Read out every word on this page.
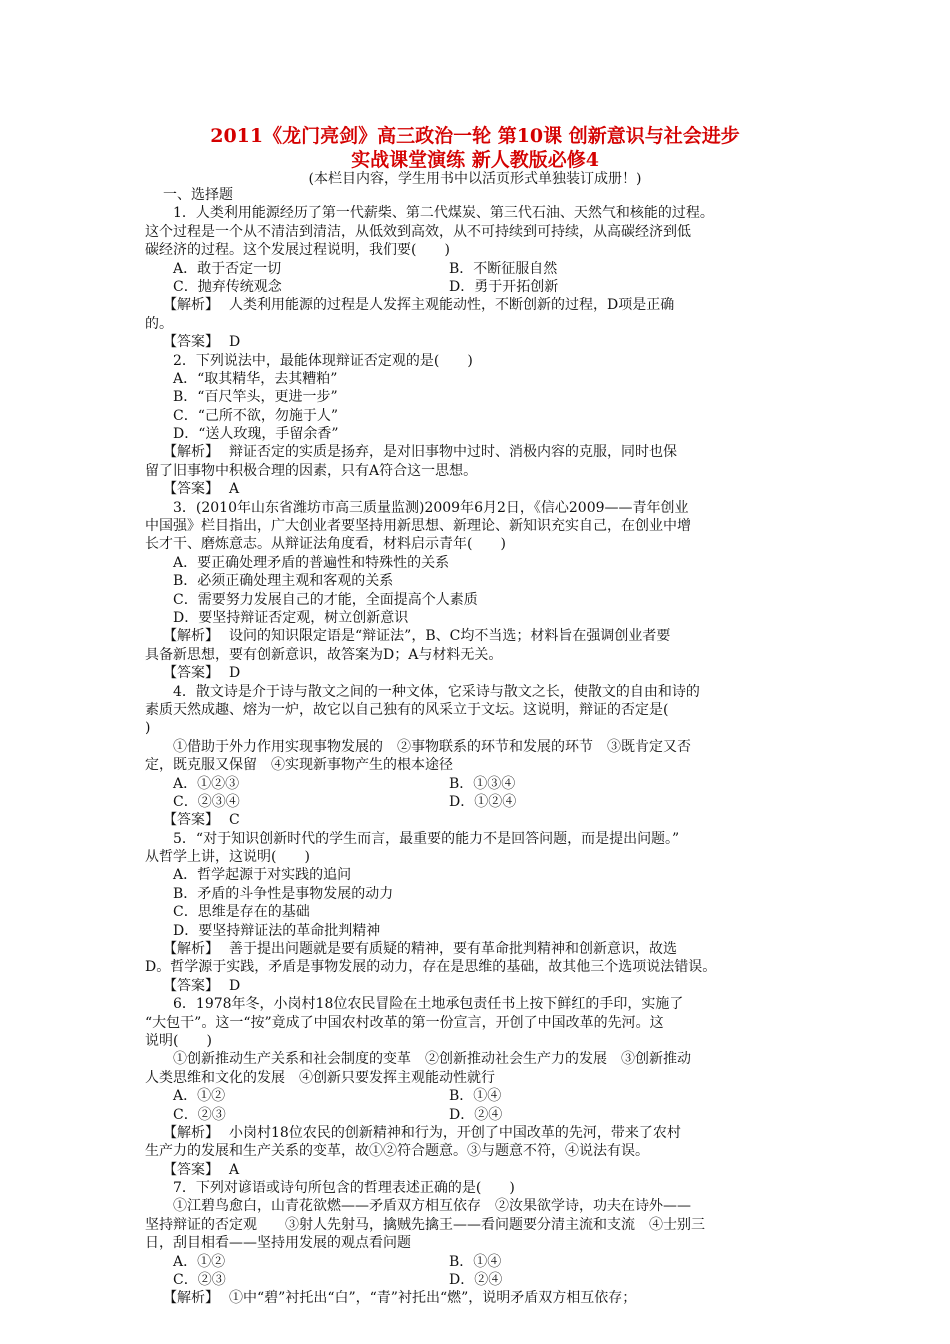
2011《龙门亮剑》高三政治一轮 第10课 创新意识与社会进步
实战课堂演练 新人教版必修4
(本栏目内容，学生用书中以活页形式单独装订成册！)
一、选择题
1．人类利用能源经历了第一代薪柴、第二代煤炭、第三代石油、天然气和核能的过程。
这个过程是一个从不清洁到清洁，从低效到高效，从不可持续到可持续，从高碳经济到低
碳经济的过程。这个发展过程说明，我们要(　　)
A．敢于否定一切	B．不断征服自然
C．抛弃传统观念	D．勇于开拓创新
【解析】 人类利用能源的过程是人发挥主观能动性，不断创新的过程，D项是正确
的。
【答案】 D
2．下列说法中，最能体现辩证否定观的是(　　)
A．“取其精华，去其糟粕”
B．“百尺竿头，更进一步”
C．“己所不欲，勿施于人”
D．“送人玫瑰，手留余香”
【解析】 辩证否定的实质是扬弃，是对旧事物中过时、消极内容的克服，同时也保
留了旧事物中积极合理的因素，只有A符合这一思想。
【答案】 A
3．(2010年山东省潍坊市高三质量监测)2009年6月2日，《信心2009——青年创业
中国强》栏目指出，广大创业者要坚持用新思想、新理论、新知识充实自己，在创业中增
长才干、磨炼意志。从辩证法角度看，材料启示青年(　　)
A．要正确处理矛盾的普遍性和特殊性的关系
B．必须正确处理主观和客观的关系
C．需要努力发展自己的才能，全面提高个人素质
D．要坚持辩证否定观，树立创新意识
【解析】 设问的知识限定语是“辩证法”，B、C均不当选；材料旨在强调创业者要
具备新思想，要有创新意识，故答案为D；A与材料无关。
【答案】 D
4．散文诗是介于诗与散文之间的一种文体，它采诗与散文之长，使散文的自由和诗的
素质天然成趣、熔为一炉，故它以自己独有的风采立于文坛。这说明，辩证的否定是(
)
①借助于外力作用实现事物发展的　②事物联系的环节和发展的环节　③既肯定又否
定，既克服又保留　④实现新事物产生的根本途径
A．①②③	B．①③④
C．②③④	D．①②④
【答案】 C
5．“对于知识创新时代的学生而言，最重要的能力不是回答问题，而是提出问题。”
从哲学上讲，这说明(　　)
A．哲学起源于对实践的追问
B．矛盾的斗争性是事物发展的动力
C．思维是存在的基础
D．要坚持辩证法的革命批判精神
【解析】 善于提出问题就是要有质疑的精神，要有革命批判精神和创新意识，故选
D。哲学源于实践，矛盾是事物发展的动力，存在是思维的基础，故其他三个选项说法错误。
【答案】 D
6．1978年冬，小岗村18位农民冒险在土地承包责任书上按下鲜红的手印，实施了
“大包干”。这一“按”竟成了中国农村改革的第一份宣言，开创了中国改革的先河。这
说明(　　)
①创新推动生产关系和社会制度的变革　②创新推动社会生产力的发展　③创新推动
人类思维和文化的发展　④创新只要发挥主观能动性就行
A．①②	B．①④
C．②③	D．②④
【解析】 小岗村18位农民的创新精神和行为，开创了中国改革的先河，带来了农村
生产力的发展和生产关系的变革，故①②符合题意。③与题意不符，④说法有误。
【答案】 A
7．下列对谚语或诗句所包含的哲理表述正确的是(　　)
①江碧鸟愈白，山青花欲燃——矛盾双方相互依存　②汝果欲学诗，功夫在诗外——
坚持辩证的否定观　　③射人先射马，擒贼先擒王——看问题要分清主流和支流　④士别三
日，刮目相看——坚持用发展的观点看问题
A．①②	B．①④
C．②③	D．②④
【解析】 ①中“碧”衬托出“白”，“青”衬托出“燃”，说明矛盾双方相互依存；
